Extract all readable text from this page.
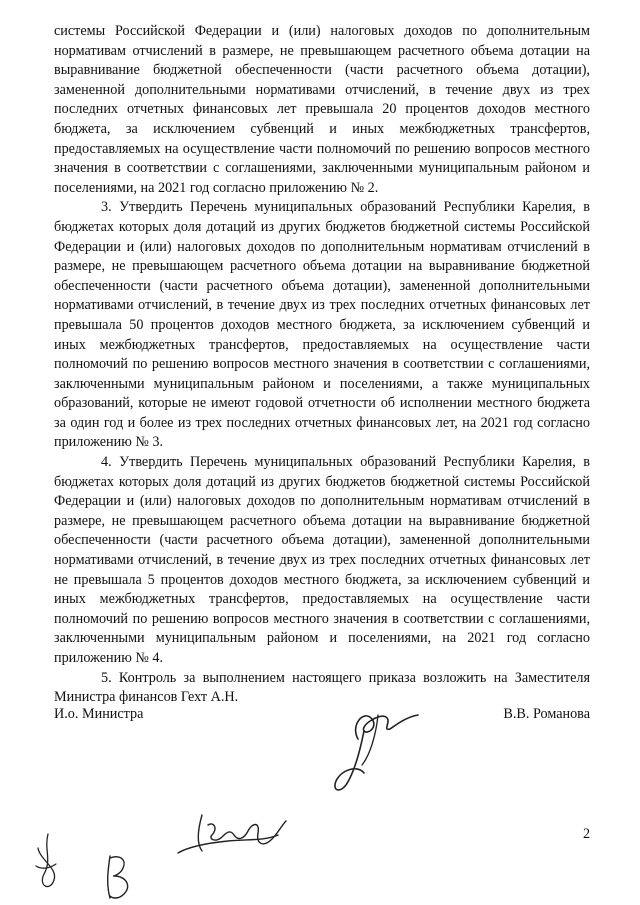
системы Российской Федерации и (или) налоговых доходов по дополнительным нормативам отчислений в размере, не превышающем расчетного объема дотации на выравнивание бюджетной обеспеченности (части расчетного объема дотации), замененной дополнительными нормативами отчислений, в течение двух из трех последних отчетных финансовых лет превышала 20 процентов доходов местного бюджета, за исключением субвенций и иных межбюджетных трансфертов, предоставляемых на осуществление части полномочий по решению вопросов местного значения в соответствии с соглашениями, заключенными муниципальным районом и поселениями, на 2021 год согласно приложению № 2.

3. Утвердить Перечень муниципальных образований Республики Карелия, в бюджетах которых доля дотаций из других бюджетов бюджетной системы Российской Федерации и (или) налоговых доходов по дополнительным нормативам отчислений в размере, не превышающем расчетного объема дотации на выравнивание бюджетной обеспеченности (части расчетного объема дотации), замененной дополнительными нормативами отчислений, в течение двух из трех последних отчетных финансовых лет превышала 50 процентов доходов местного бюджета, за исключением субвенций и иных межбюджетных трансфертов, предоставляемых на осуществление части полномочий по решению вопросов местного значения в соответствии с соглашениями, заключенными муниципальным районом и поселениями, а также муниципальных образований, которые не имеют годовой отчетности об исполнении местного бюджета за один год и более из трех последних отчетных финансовых лет, на 2021 год согласно приложению № 3.

4. Утвердить Перечень муниципальных образований Республики Карелия, в бюджетах которых доля дотаций из других бюджетов бюджетной системы Российской Федерации и (или) налоговых доходов по дополнительным нормативам отчислений в размере, не превышающем расчетного объема дотации на выравнивание бюджетной обеспеченности (части расчетного объема дотации), замененной дополнительными нормативами отчислений, в течение двух из трех последних отчетных финансовых лет не превышала 5 процентов доходов местного бюджета, за исключением субвенций и иных межбюджетных трансфертов, предоставляемых на осуществление части полномочий по решению вопросов местного значения в соответствии с соглашениями, заключенными муниципальным районом и поселениями, на 2021 год согласно приложению № 4.

5. Контроль за выполнением настоящего приказа возложить на Заместителя Министра финансов Гехт А.Н.

И.о. Министра	В.В. Романова
2
